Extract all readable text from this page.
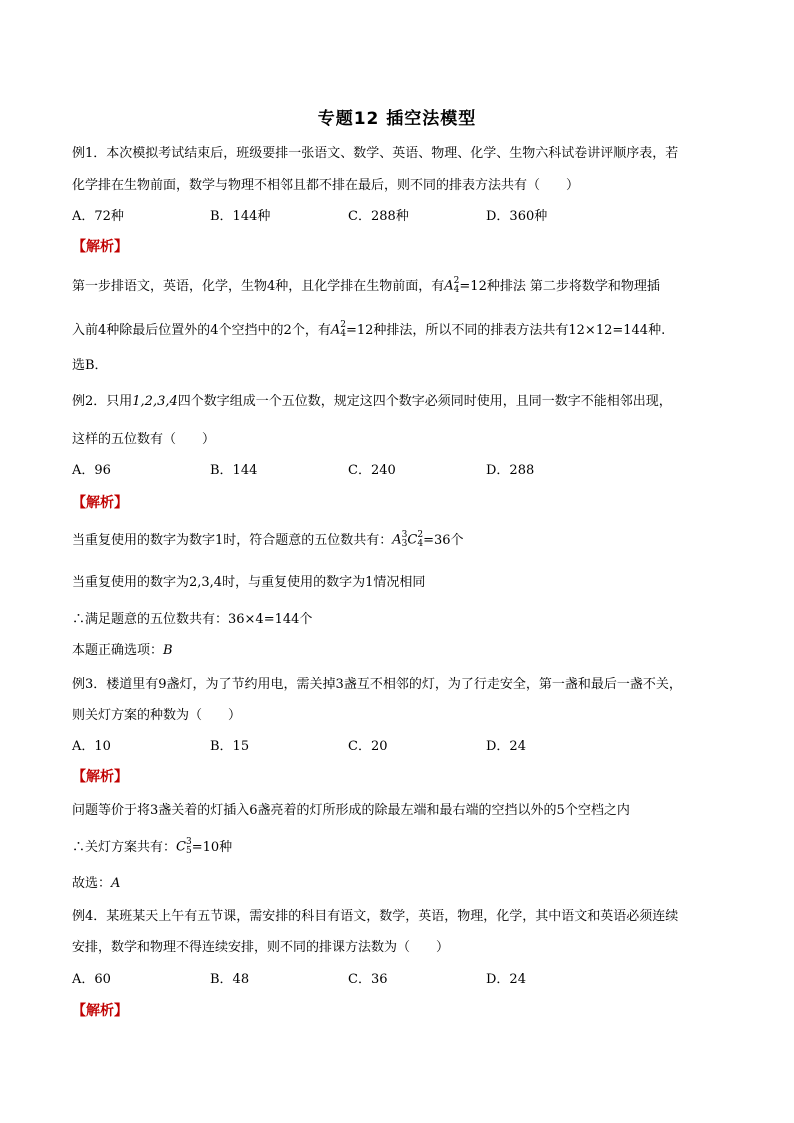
专题12 插空法模型
例1．本次模拟考试结束后，班级要排一张语文、数学、英语、物理、化学、生物六科试卷讲评顺序表，若
化学排在生物前面，数学与物理不相邻且都不排在最后，则不同的排表方法共有（　　）
A．72种	B．144种	C．288种	D．360种
【解析】
第一步排语文，英语，化学，生物4种，且化学排在生物前面，有A 2
4 =12种排法 第二步将数学和物理插
入前4种除最后位置外的4个空挡中的2个，有A 2
4 =12种排法，所以不同的排表方法共有12×12=144种.
选B．
例2．只用1,2,3,4四个数字组成一个五位数，规定这四个数字必须同时使用，且同一数字不能相邻出现，
这样的五位数有（　　）
A．96	B．144	C．240	D．288
【解析】
当重复使用的数字为数字1时，符合题意的五位数共有：A 3
3 C 2
4 =36个
当重复使用的数字为2,3,4时，与重复使用的数字为1情况相同
∴满足题意的五位数共有：36×4=144个
本题正确选项：B
例3．楼道里有9盏灯，为了节约用电，需关掉3盏互不相邻的灯，为了行走安全，第一盏和最后一盏不关，
则关灯方案的种数为（　　）
A．10	B．15	C．20	D．24
【解析】
问题等价于将3盏关着的灯插入6盏亮着的灯所形成的除最左端和最右端的空挡以外的5个空档之内
∴关灯方案共有：C 3
5 =10种
故选：A
例4．某班某天上午有五节课，需安排的科目有语文，数学，英语，物理，化学，其中语文和英语必须连续
安排，数学和物理不得连续安排，则不同的排课方法数为（　　）
A．60	B．48	C．36	D．24
【解析】
